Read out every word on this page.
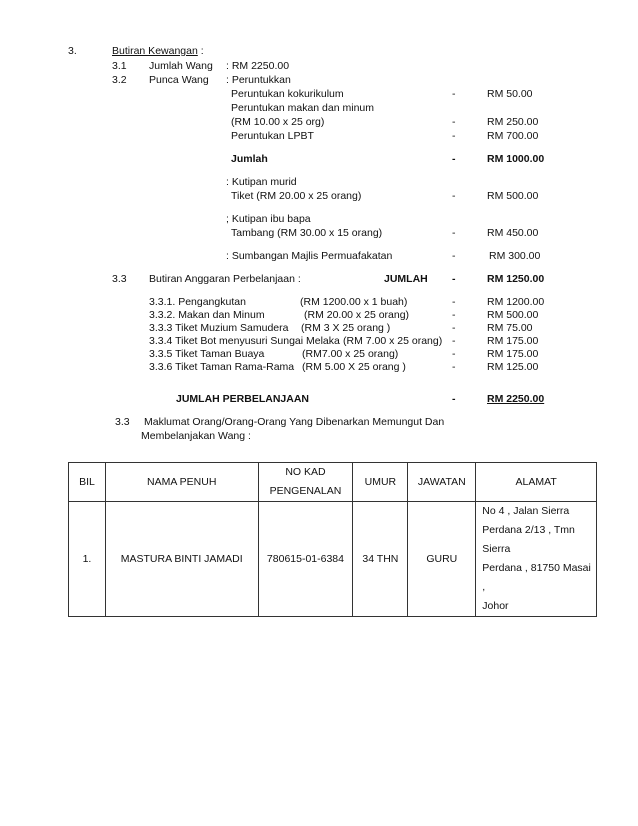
3.	Butiran Kewangan :
3.1 Jumlah Wang : RM 2250.00
3.2 Punca Wang : Peruntukkan
Peruntukan kokurikulum	-	RM 50.00
Peruntukan makan dan minum
(RM 10.00 x 25 org)	-	RM 250.00
Peruntukan LPBT	-	RM 700.00
Jumlah	-	RM 1000.00
: Kutipan murid
Tiket (RM 20.00 x 25 orang)	-	RM 500.00
; Kutipan ibu bapa
Tambang (RM 30.00 x 15 orang)	-	RM 450.00
: Sumbangan Majlis Permuafakatan	-	RM 300.00
JUMLAH -	RM 1250.00
3.3 Butiran Anggaran Perbelanjaan :
3.3.1. Pengangkutan	(RM 1200.00 x 1 buah)	-	RM 1200.00
3.3.2. Makan dan Minum	(RM 20.00 x 25 orang)	-	RM 500.00
3.3.3 Tiket Muzium Samudera (RM 3 X 25 orang )	-	RM 75.00
3.3.4 Tiket Bot menyusuri Sungai Melaka (RM 7.00 x 25 orang) -	RM 175.00
3.3.5 Tiket Taman Buaya	(RM7.00 x 25 orang)	-	RM 175.00
3.3.6 Tiket Taman Rama-Rama (RM 5.00 X 25 orang )	-	RM 125.00
JUMLAH PERBELANJAAN	-	RM 2250.00
3.3 Maklumat Orang/Orang-Orang Yang Dibenarkan Memungut Dan
Membelanjakan Wang :
BIL	NAMA PENUH	NO KAD
PENGENALAN	UMUR	JAWATAN	ALAMAT
1.	MASTURA BINTI JAMADI	780615-01-6384	34 THN	GURU	No 4 , Jalan Sierra
Perdana 2/13 , Tmn Sierra
Perdana , 81750 Masai ,
Johor
